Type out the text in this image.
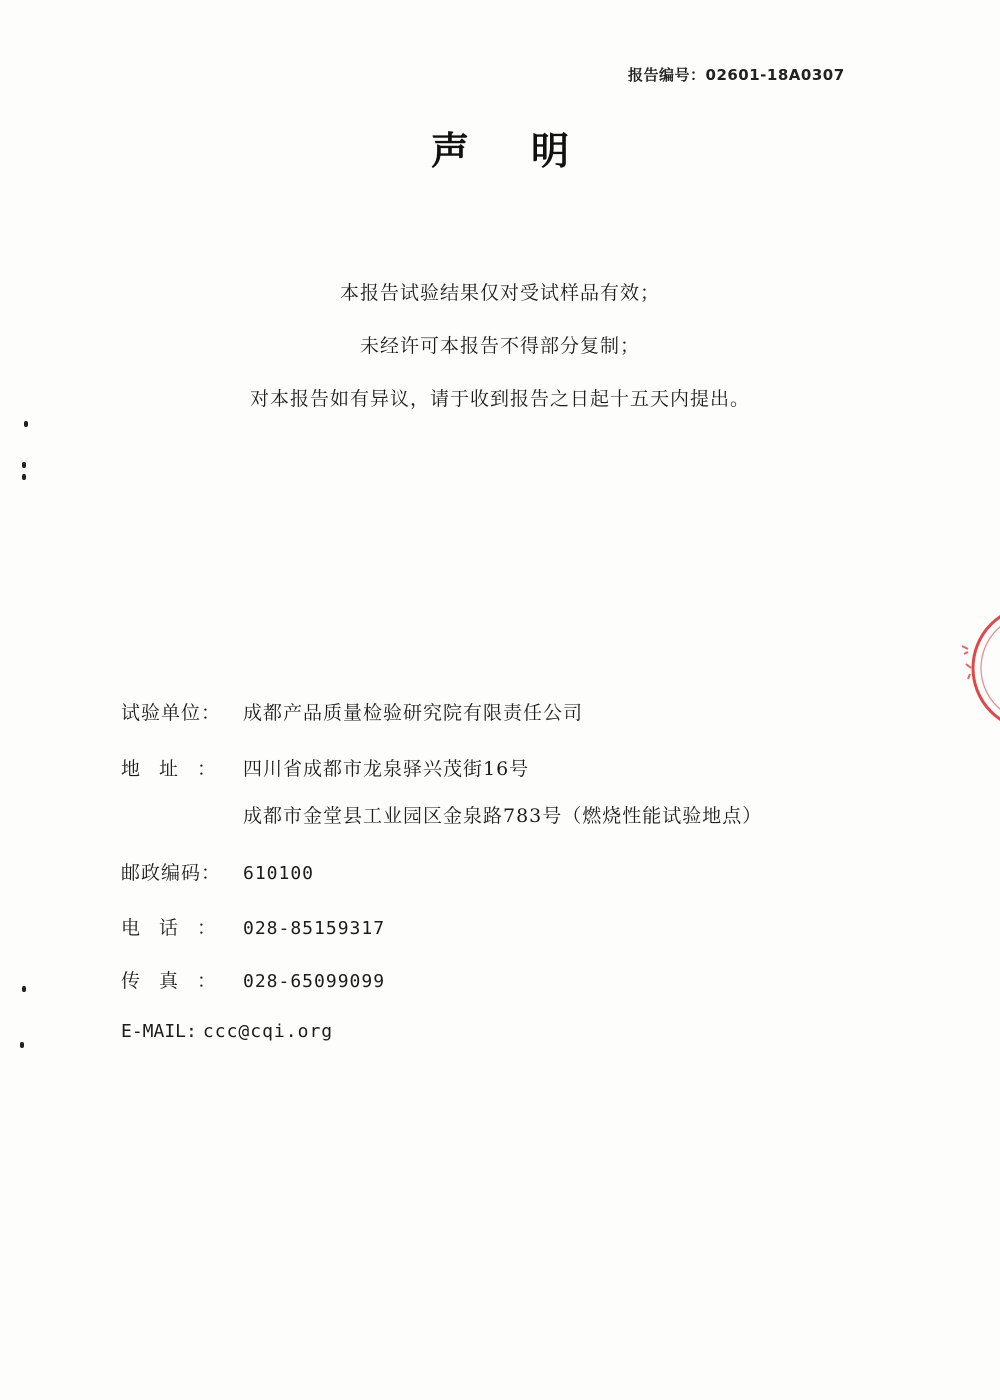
报告编号：02601-18A0307
声明
本报告试验结果仅对受试样品有效；
未经许可本报告不得部分复制；
对本报告如有异议，请于收到报告之日起十五天内提出。
试验单位： 成都产品质量检验研究院有限责任公司
地址： 四川省成都市龙泉驿兴茂街16号
成都市金堂县工业园区金泉路783号（燃烧性能试验地点）
邮政编码： 610100
电话： 028-85159317
传真： 028-65099099
E-MAIL: ccc@cqi.org
